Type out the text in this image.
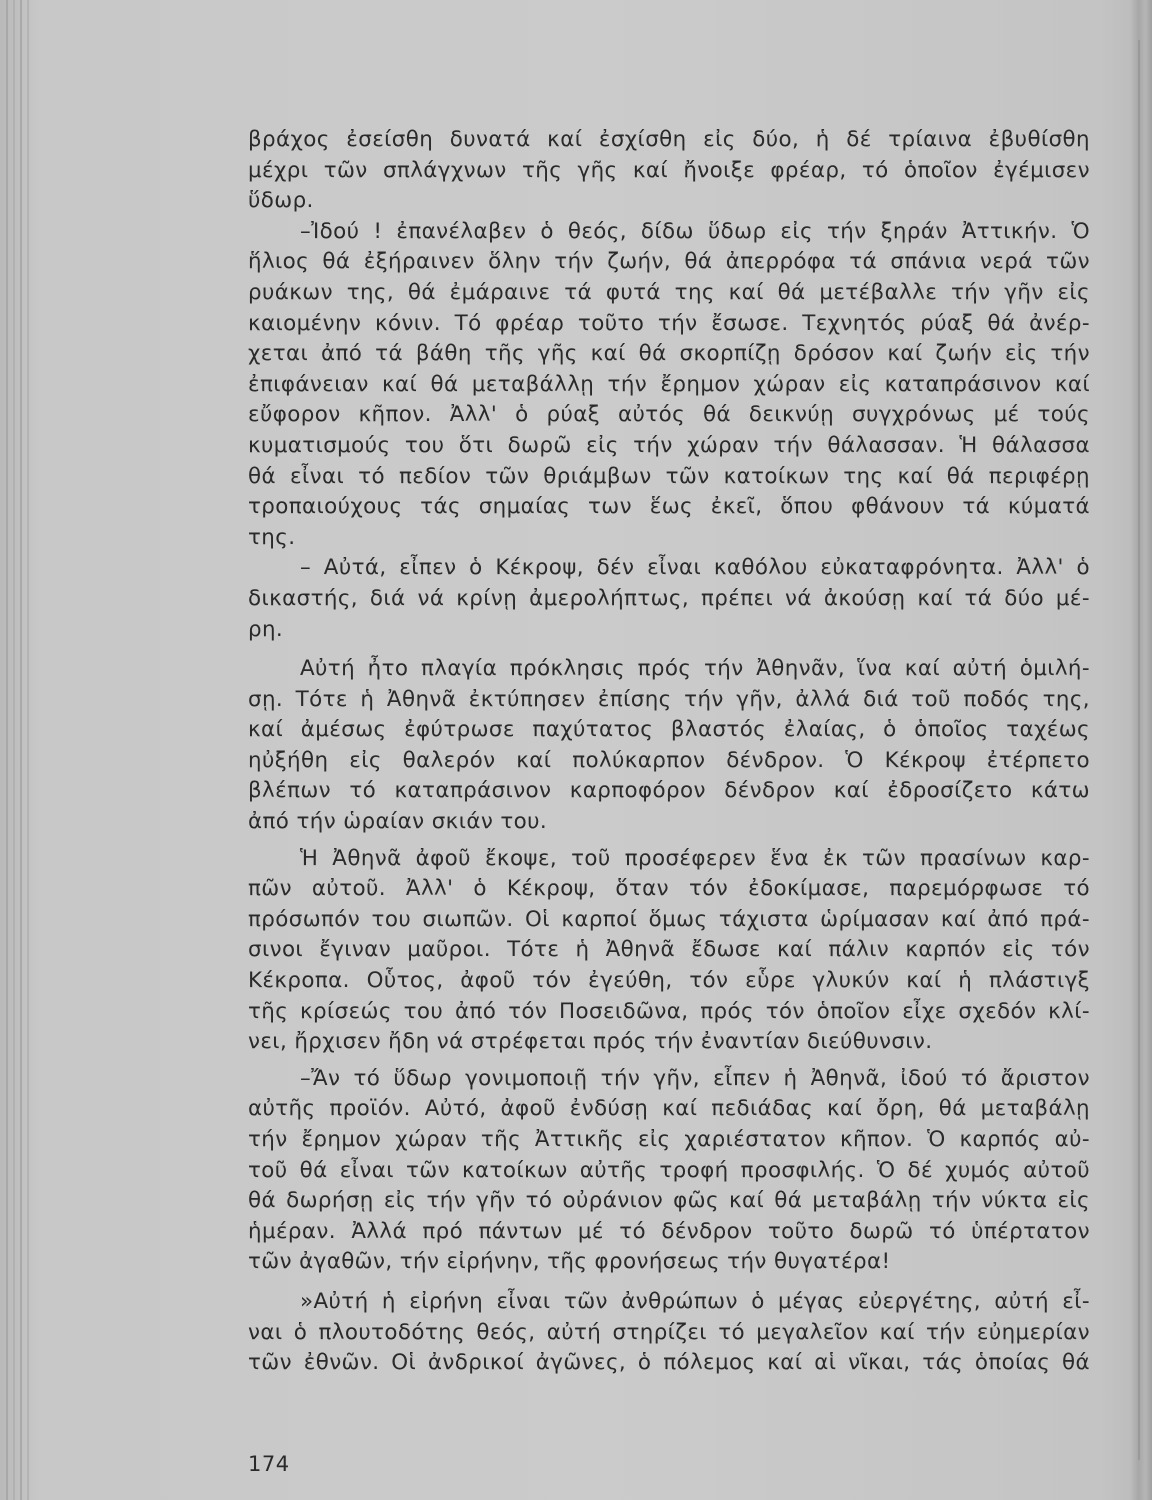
βράχος ἐσείσθη δυνατά καί ἐσχίσθη εἰς δύο, ἡ δέ τρίαινα ἐβυθίσθη
μέχρι τῶν σπλάγχνων τῆς γῆς καί ἤνοιξε φρέαρ, τό ὁποῖον ἐγέμισεν
ὕδωρ.
–Ἰδού ! ἐπανέλαβεν ὁ θεός, δίδω ὕδωρ εἰς τήν ξηράν Ἀττικήν. Ὁ
ἥλιος θά ἐξήραινεν ὅλην τήν ζωήν, θά ἀπερρόφα τά σπάνια νερά τῶν
ρυάκων της, θά ἐμάραινε τά φυτά της καί θά μετέβαλλε τήν γῆν εἰς
καιομένην κόνιν. Τό φρέαρ τοῦτο τήν ἔσωσε. Τεχνητός ρύαξ θά ἀνέρ-
χεται ἀπό τά βάθη τῆς γῆς καί θά σκορπίζῃ δρόσον καί ζωήν εἰς τήν
ἐπιφάνειαν καί θά μεταβάλλῃ τήν ἔρημον χώραν εἰς καταπράσινον καί
εὔφορον κῆπον. Ἀλλ' ὁ ρύαξ αὐτός θά δεικνύῃ συγχρόνως μέ τούς
κυματισμούς του ὅτι δωρῶ εἰς τήν χώραν τήν θάλασσαν. Ἡ θάλασσα
θά εἶναι τό πεδίον τῶν θριάμβων τῶν κατοίκων της καί θά περιφέρῃ
τροπαιούχους τάς σημαίας των ἕως ἐκεῖ, ὅπου φθάνουν τά κύματά
της.
– Αὐτά, εἶπεν ὁ Κέκροψ, δέν εἶναι καθόλου εὐκαταφρόνητα. Ἀλλ' ὁ
δικαστής, διά νά κρίνῃ ἀμερολήπτως, πρέπει νά ἀκούσῃ καί τά δύο μέ-
ρη.
Αὐτή ἦτο πλαγία πρόκλησις πρός τήν Ἀθηνᾶν, ἵνα καί αὐτή ὁμιλή-
σῃ. Τότε ἡ Ἀθηνᾶ ἐκτύπησεν ἐπίσης τήν γῆν, ἀλλά διά τοῦ ποδός της,
καί ἀμέσως ἐφύτρωσε παχύτατος βλαστός ἐλαίας, ὁ ὁποῖος ταχέως
ηὐξήθη εἰς θαλερόν καί πολύκαρπον δένδρον. Ὁ Κέκροψ ἐτέρπετο
βλέπων τό καταπράσινον καρποφόρον δένδρον καί ἐδροσίζετο κάτω
ἀπό τήν ὡραίαν σκιάν του.
Ἡ Ἀθηνᾶ ἀφοῦ ἔκοψε, τοῦ προσέφερεν ἕνα ἐκ τῶν πρασίνων καρ-
πῶν αὐτοῦ. Ἀλλ' ὁ Κέκροψ, ὅταν τόν ἐδοκίμασε, παρεμόρφωσε τό
πρόσωπόν του σιωπῶν. Οἱ καρποί ὅμως τάχιστα ὡρίμασαν καί ἀπό πρά-
σινοι ἔγιναν μαῦροι. Τότε ἡ Ἀθηνᾶ ἔδωσε καί πάλιν καρπόν εἰς τόν
Κέκροπα. Οὗτος, ἀφοῦ τόν ἐγεύθη, τόν εὗρε γλυκύν καί ἡ πλάστιγξ
τῆς κρίσεώς του ἀπό τόν Ποσειδῶνα, πρός τόν ὁποῖον εἶχε σχεδόν κλί-
νει, ἤρχισεν ἤδη νά στρέφεται πρός τήν ἐναντίαν διεύθυνσιν.
–Ἄν τό ὕδωρ γονιμοποιῇ τήν γῆν, εἶπεν ἡ Ἀθηνᾶ, ἰδού τό ἄριστον
αὐτῆς προϊόν. Αὐτό, ἀφοῦ ἐνδύσῃ καί πεδιάδας καί ὄρη, θά μεταβάλῃ
τήν ἔρημον χώραν τῆς Ἀττικῆς εἰς χαριέστατον κῆπον. Ὁ καρπός αὐ-
τοῦ θά εἶναι τῶν κατοίκων αὐτῆς τροφή προσφιλής. Ὁ δέ χυμός αὐτοῦ
θά δωρήσῃ εἰς τήν γῆν τό οὐράνιον φῶς καί θά μεταβάλῃ τήν νύκτα εἰς
ἡμέραν. Ἀλλά πρό πάντων μέ τό δένδρον τοῦτο δωρῶ τό ὑπέρτατον
τῶν ἀγαθῶν, τήν εἰρήνην, τῆς φρονήσεως τήν θυγατέρα!
»Αὐτή ἡ εἰρήνη εἶναι τῶν ἀνθρώπων ὁ μέγας εὐεργέτης, αὐτή εἶ-
ναι ὁ πλουτοδότης θεός, αὐτή στηρίζει τό μεγαλεῖον καί τήν εὐημερίαν
τῶν ἐθνῶν. Οἱ ἀνδρικοί ἀγῶνες, ὁ πόλεμος καί αἱ νῖκαι, τάς ὁποίας θά
174
